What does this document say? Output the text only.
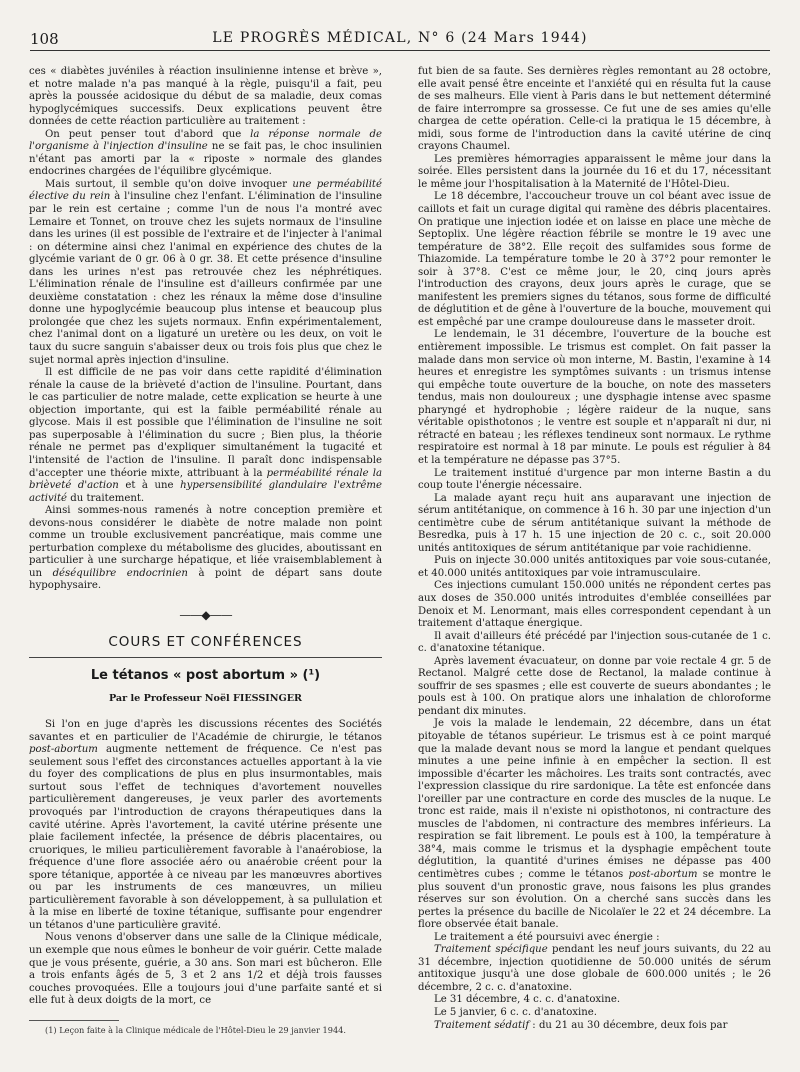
108	LE PROGRÈS MÉDICAL, N° 6 (24 Mars 1944)

ces « diabètes juvéniles à réaction insulinienne intense et brève », et notre malade n'a pas manqué à la règle, puisqu'il a fait, peu après la poussée acidosique du début de sa maladie, deux comas hypoglycémiques successifs. Deux explications peuvent être données de cette réaction particulière au traitement :

On peut penser tout d'abord que la réponse normale de l'organisme à l'injection d'insuline ne se fait pas, le choc insulinien n'étant pas amorti par la « riposte » normale des glandes endocrines chargées de l'équilibre glycémique.

Mais surtout, il semble qu'on doive invoquer une perméabilité élective du rein à l'insuline chez l'enfant. L'élimination de l'insuline par le rein est certaine ; comme l'un de nous l'a montré avec Lemaire et Tonnet, on trouve chez les sujets normaux de l'insuline dans les urines (il est possible de l'extraire et de l'injecter à l'animal : on détermine ainsi chez l'animal en expérience des chutes de la glycémie variant de 0 gr. 06 à 0 gr. 38. Et cette présence d'insuline dans les urines n'est pas retrouvée chez les néphrétiques. L'élimination rénale de l'insuline est d'ailleurs confirmée par une deuxième constatation : chez les rénaux la même dose d'insuline donne une hypoglycémie beaucoup plus intense et beaucoup plus prolongée que chez les sujets normaux. Enfin expérimentalement, chez l'animal dont on a ligaturé un uretère ou les deux, on voit le taux du sucre sanguin s'abaisser deux ou trois fois plus que chez le sujet normal après injection d'insuline.

Il est difficile de ne pas voir dans cette rapidité d'élimination rénale la cause de la brièveté d'action de l'insuline. Pourtant, dans le cas particulier de notre malade, cette explication se heurte à une objection importante, qui est la faible perméabilité rénale au glycose. Mais il est possible que l'élimination de l'insuline ne soit pas superposable à l'élimination du sucre ; Bien plus, la théorie rénale ne permet pas d'expliquer simultanément la tugacité et l'intensité de l'action de l'insuline. Il paraît donc indispensable d'accepter une théorie mixte, attribuant à la perméabilité rénale la brièveté d'action et à une hypersensibilité glandulaire l'extrême activité du traitement.

Ainsi sommes-nous ramenés à notre conception première et devons-nous considérer le diabète de notre malade non point comme un trouble exclusivement pancréatique, mais comme une perturbation complexe du métabolisme des glucides, aboutissant en particulier à une surcharge hépatique, et liée vraisemblablement à un déséquilibre endocrinien à point de départ sans doute hypophysaire.

——◆——
COURS ET CONFÉRENCES
Le tétanos « post abortum » (¹)
Par le Professeur Noël FIESSINGER

Si l'on en juge d'après les discussions récentes des Sociétés savantes et en particulier de l'Académie de chirurgie, le tétanos post-abortum augmente nettement de fréquence. Ce n'est pas seulement sous l'effet des circonstances actuelles apportant à la vie du foyer des complications de plus en plus insurmontables, mais surtout sous l'effet de techniques d'avortement nouvelles particulièrement dangereuses, je veux parler des avortements provoqués par l'introduction de crayons thérapeutiques dans la cavité utérine. Après l'avortement, la cavité utérine présente une plaie facilement infectée, la présence de débris placentaires, ou cruoriques, le milieu particulièrement favorable à l'anaérobiose, la fréquence d'une flore associée aéro ou anaérobie créent pour la spore tétanique, apportée à ce niveau par les manœuvres abortives ou par les instruments de ces manœuvres, un milieu particulièrement favorable à son développement, à sa pullulation et à la mise en liberté de toxine tétanique, suffisante pour engendrer un tétanos d'une particulière gravité.

Nous venons d'observer dans une salle de la Clinique médicale, un exemple que nous eûmes le bonheur de voir guérir. Cette malade que je vous présente, guérie, a 30 ans. Son mari est bûcheron. Elle a trois enfants âgés de 5, 3 et 2 ans 1/2 et déjà trois fausses couches provoquées. Elle a toujours joui d'une parfaite santé et si elle fut à deux doigts de la mort, ce

(1) Leçon faite à la Clinique médicale de l'Hôtel-Dieu le 29 janvier 1944.

fut bien de sa faute. Ses dernières règles remontant au 28 octobre, elle avait pensé être enceinte et l'anxiété qui en résulta fut la cause de ses malheurs. Elle vient à Paris dans le but nettement déterminé de faire interrompre sa grossesse. Ce fut une de ses amies qu'elle chargea de cette opération. Celle-ci la pratiqua le 15 décembre, à midi, sous forme de l'introduction dans la cavité utérine de cinq crayons Chaumel.

Les premières hémorragies apparaissent le même jour dans la soirée. Elles persistent dans la journée du 16 et du 17, nécessitant le même jour l'hospitalisation à la Maternité de l'Hôtel-Dieu.

Le 18 décembre, l'accoucheur trouve un col béant avec issue de caillots et fait un curage digital qui ramène des débris placentaires. On pratique une injection iodée et on laisse en place une mèche de Septoplix. Une légère réaction fébrile se montre le 19 avec une température de 38°2. Elle reçoit des sulfamides sous forme de Thiazomide. La température tombe le 20 à 37°2 pour remonter le soir à 37°8. C'est ce même jour, le 20, cinq jours après l'introduction des crayons, deux jours après le curage, que se manifestent les premiers signes du tétanos, sous forme de difficulté de déglutition et de gêne à l'ouverture de la bouche, mouvement qui est empêché par une crampe douloureuse dans le masseter droit.

Le lendemain, le 31 décembre, l'ouverture de la bouche est entièrement impossible. Le trismus est complet. On fait passer la malade dans mon service où mon interne, M. Bastin, l'examine à 14 heures et enregistre les symptômes suivants : un trismus intense qui empêche toute ouverture de la bouche, on note des masseters tendus, mais non douloureux ; une dysphagie intense avec spasme pharyngé et hydrophobie ; légère raideur de la nuque, sans véritable opisthotonos ; le ventre est souple et n'apparaît ni dur, ni rétracté en bateau ; les réflexes tendineux sont normaux. Le rythme respiratoire est normal à 18 par minute. Le pouls est régulier à 84 et la température ne dépasse pas 37°5.

Le traitement institué d'urgence par mon interne Bastin a du coup toute l'énergie nécessaire.

La malade ayant reçu huit ans auparavant une injection de sérum antitétanique, on commence à 16 h. 30 par une injection d'un centimètre cube de sérum antitétanique suivant la méthode de Besredka, puis à 17 h. 15 une injection de 20 c. c., soit 20.000 unités antitoxiques de sérum antitétanique par voie rachidienne.

Puis on injecte 30.000 unités antitoxiques par voie sous-cutanée, et 40.000 unités antitoxiques par voie intramusculaire.

Ces injections cumulant 150.000 unités ne répondent certes pas aux doses de 350.000 unités introduites d'emblée conseillées par Denoix et M. Lenormant, mais elles correspondent cependant à un traitement d'attaque énergique.

Il avait d'ailleurs été précédé par l'injection sous-cutanée de 1 c. c. d'anatoxine tétanique.

Après lavement évacuateur, on donne par voie rectale 4 gr. 5 de Rectanol. Malgré cette dose de Rectanol, la malade continue à souffrir de ses spasmes ; elle est couverte de sueurs abondantes ; le pouls est à 100. On pratique alors une inhalation de chloroforme pendant dix minutes.

Je vois la malade le lendemain, 22 décembre, dans un état pitoyable de tétanos supérieur. Le trismus est à ce point marqué que la malade devant nous se mord la langue et pendant quelques minutes a une peine infinie à en empêcher la section. Il est impossible d'écarter les mâchoires. Les traits sont contractés, avec l'expression classique du rire sardonique. La tête est enfoncée dans l'oreiller par une contracture en corde des muscles de la nuque. Le tronc est raide, mais il n'existe ni opisthotonos, ni contracture des muscles de l'abdomen, ni contracture des membres inférieurs. La respiration se fait librement. Le pouls est à 100, la température à 38°4, mais comme le trismus et la dysphagie empêchent toute déglutition, la quantité d'urines émises ne dépasse pas 400 centimètres cubes ; comme le tétanos post-abortum se montre le plus souvent d'un pronostic grave, nous faisons les plus grandes réserves sur son évolution. On a cherché sans succès dans les pertes la présence du bacille de Nicolaïer le 22 et 24 décembre. La flore observée était banale.

Le traitement a été poursuivi avec énergie :

Traitement spécifique pendant les neuf jours suivants, du 22 au 31 décembre, injection quotidienne de 50.000 unités de sérum antitoxique jusqu'à une dose globale de 600.000 unités ; le 26 décembre, 2 c. c. d'anatoxine.

Le 31 décembre, 4 c. c. d'anatoxine.

Le 5 janvier, 6 c. c. d'anatoxine.

Traitement sédatif : du 21 au 30 décembre, deux fois par
